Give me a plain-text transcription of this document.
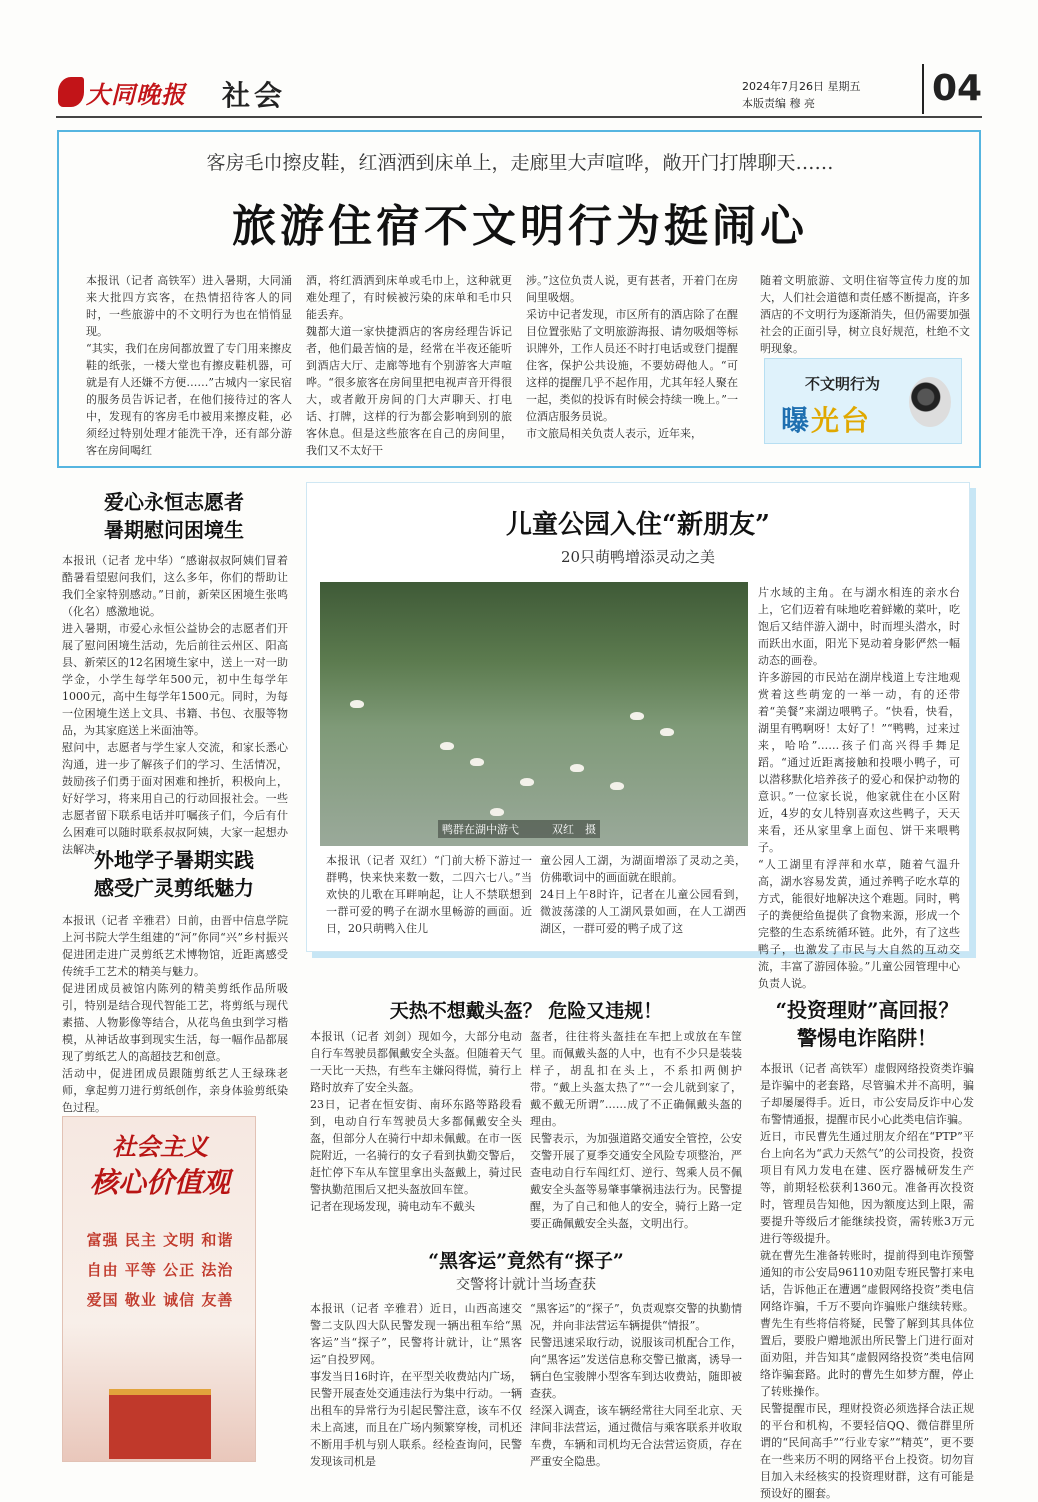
大同晚报 社会	2024年7月26日 星期五
本版责编 穆 亮	04
客房毛巾擦皮鞋，红酒洒到床单上，走廊里大声喧哗，敞开门打牌聊天……
旅游住宿不文明行为挺闹心
本报讯（记者 高铁军）进入暑期，大同涌来大批四方宾客，在热情招待客人的同时，一些旅游中的不文明行为也在悄悄显现。
“其实，我们在房间都放置了专门用来擦皮鞋的纸张，一楼大堂也有擦皮鞋机器，可就是有人还嫌不方便……”古城内一家民宿的服务员告诉记者，在他们接待过的客人中，发现有的客房毛巾被用来擦皮鞋，必须经过特别处理才能洗干净，还有部分游客在房间喝红
酒，将红酒洒到床单或毛巾上，这种就更难处理了，有时候被污染的床单和毛巾只能丢弃。
魏都大道一家快捷酒店的客房经理告诉记者，他们最苦恼的是，经常在半夜还能听到酒店大厅、走廊等地有个别游客大声喧哗。“很多旅客在房间里把电视声音开得很大，或者敞开房间的门大声聊天、打电话、打牌，这样的行为都会影响到别的旅客休息。但是这些旅客在自己的房间里，我们又不太好干
涉。”这位负责人说，更有甚者，开着门在房间里吸烟。
采访中记者发现，市区所有的酒店除了在醒目位置张贴了文明旅游海报、请勿吸烟等标识牌外，工作人员还不时打电话或登门提醒住客，保护公共设施，不要妨碍他人。“可这样的提醒几乎不起作用，尤其年轻人聚在一起，类似的投诉有时候会持续一晚上。”一位酒店服务员说。
市文旅局相关负责人表示，近年来，
随着文明旅游、文明住宿等宣传力度的加大，人们社会道德和责任感不断提高，许多酒店的不文明行为逐渐消失，但仍需要加强社会的正面引导，树立良好规范，杜绝不文明现象。
不文明行为
曝光台
爱心永恒志愿者
暑期慰问困境生
本报讯（记者 龙中华）“感谢叔叔阿姨们冒着酷暑看望慰问我们，这么多年，你们的帮助让我们全家特别感动。”日前，新荣区困境生张鸣（化名）感激地说。
进入暑期，市爱心永恒公益协会的志愿者们开展了慰问困境生活动，先后前往云州区、阳高县、新荣区的12名困境生家中，送上一对一助学金，小学生每学年500元，初中生每学年1000元，高中生每学年1500元。同时，为每一位困境生送上文具、书籍、书包、衣服等物品，为其家庭送上米面油等。
慰问中，志愿者与学生家人交流，和家长悉心沟通，进一步了解孩子们的学习、生活情况，鼓励孩子们勇于面对困难和挫折，积极向上，好好学习，将来用自己的行动回报社会。一些志愿者留下联系电话并叮嘱孩子们，今后有什么困难可以随时联系叔叔阿姨，大家一起想办法解决。
外地学子暑期实践
感受广灵剪纸魅力
本报讯（记者 辛雅君）日前，由晋中信息学院上河书院大学生组建的“河”你同“兴”乡村振兴促进团走进广灵剪纸艺术博物馆，近距离感受传统手工艺术的精美与魅力。
促进团成员被馆内陈列的精美剪纸作品所吸引，特别是结合现代智能工艺，将剪纸与现代素描、人物影像等结合，从花鸟鱼虫到学习楷模，从神话故事到现实生活，每一幅作品都展现了剪纸艺人的高超技艺和创意。
活动中，促进团成员跟随剪纸艺人王绿珠老师，拿起剪刀进行剪纸创作，亲身体验剪纸染色过程。
社会主义
核心价值观
富强 民主 文明 和谐
自由 平等 公正 法治
爱国 敬业 诚信 友善
儿童公园入住“新朋友”
20只萌鸭增添灵动之美
鸭群在湖中游弋　　　双红　摄
本报讯（记者 双红）“门前大桥下游过一群鸭，快来快来数一数，二四六七八。”当欢快的儿歌在耳畔响起，让人不禁联想到一群可爱的鸭子在湖水里畅游的画面。近日，20只萌鸭入住儿
童公园人工湖，为湖面增添了灵动之美，仿佛歌词中的画面就在眼前。
24日上午8时许，记者在儿童公园看到，微波荡漾的人工湖风景如画，在人工湖西湖区，一群可爱的鸭子成了这
片水域的主角。在与湖水相连的亲水台上，它们迈着有味地吃着鲜嫩的菜叶，吃饱后又结伴游入湖中，时而埋头潜水，时而跃出水面，阳光下晃动着身影俨然一幅动态的画卷。
许多游园的市民站在湖岸栈道上专注地观赏着这些萌宠的一举一动，有的还带着“美餐”来湖边喂鸭子。“快看，快看，湖里有鸭啊呀！太好了！”“鸭鸭，过来过来，哈哈”……孩子们高兴得手舞足蹈。“通过近距离接触和投喂小鸭子，可以潜移默化培养孩子的爱心和保护动物的意识。”一位家长说，他家就住在小区附近，4岁的女儿特别喜欢这些鸭子，天天来看，还从家里拿上面包、饼干来喂鸭子。
“人工湖里有浮萍和水草，随着气温升高，湖水容易发黄，通过养鸭子吃水草的方式，能很好地解决这个难题。同时，鸭子的粪便给鱼提供了食物来源，形成一个完整的生态系统循环链。此外，有了这些鸭子，也激发了市民与大自然的互动交流，丰富了游园体验。”儿童公园管理中心负责人说。
天热不想戴头盔？ 危险又违规！
本报讯（记者 刘剑）现如今，大部分电动自行车驾驶员都佩戴安全头盔。但随着天气一天比一天热，有些车主嫌闷得慌，骑行上路时放弃了安全头盔。
23日，记者在恒安街、南环东路等路段看到，电动自行车驾驶员大多都佩戴安全头盔，但部分人在骑行中却未佩戴。在市一医院附近，一名骑行的女子看到执勤交警后，赶忙停下车从车筐里拿出头盔戴上，骑过民警执勤范围后又把头盔放回车筐。
记者在现场发现，骑电动车不戴头
盔者，往往将头盔挂在车把上或放在车筐里。而佩戴头盔的人中，也有不少只是装装样子，胡乱扣在头上，不系扣两侧护带。“戴上头盔太热了”“一会儿就到家了，戴不戴无所谓”……成了不正确佩戴头盔的理由。
民警表示，为加强道路交通安全管控，公安交警开展了夏季交通安全风险专项整治，严查电动自行车闯红灯、逆行、驾乘人员不佩戴安全头盔等易肇事肇祸违法行为。民警提醒，为了自己和他人的安全，骑行上路一定要正确佩戴安全头盔，文明出行。
“黑客运”竟然有“探子”
交警将计就计当场查获
本报讯（记者 辛雅君）近日，山西高速交警二支队四大队民警发现一辆出租车给“黑客运”当“探子”，民警将计就计，让“黑客运”自投罗网。
事发当日16时许，在平型关收费站内广场，民警开展查处交通违法行为集中行动。一辆出租车的异常行为引起民警注意，该车不仅未上高速，而且在广场内频繁穿梭，司机还不断用手机与别人联系。经检查询问，民警发现该司机是
“黑客运”的“探子”，负责观察交警的执勤情况，并向非法营运车辆提供“情报”。
民警迅速采取行动，说服该司机配合工作，向“黑客运”发送信息称交警已撤离，诱导一辆白色宝骏牌小型客车到达收费站，随即被查获。
经深入调查，该车辆经常往大同至北京、天津间非法营运，通过微信与乘客联系并收取车费，车辆和司机均无合法营运资质，存在严重安全隐患。
“投资理财”高回报？
警惕电诈陷阱！
本报讯（记者 高铁军）虚假网络投资类诈骗是诈骗中的老套路，尽管骗术并不高明，骗子却屡屡得手。近日，市公安局反诈中心发布警情通报，提醒市民小心此类电信诈骗。
近日，市民曹先生通过朋友介绍在“PTP”平台上向名为“武力天然气”的公司投资，投资项目有风力发电在建、医疗器械研发生产等，前期轻松获利1360元。准备再次投资时，管理员告知他，因为额度达到上限，需要提升等级后才能继续投资，需转账3万元进行等级提升。
就在曹先生准备转账时，提前得到电诈预警通知的市公安局96110劝阻专班民警打来电话，告诉他正在遭遇“虚假网络投资”类电信网络诈骗，千万不要向诈骗账户继续转账。曹先生有些将信将疑，民警了解到其具体位置后，要股户赠地派出所民警上门进行面对面劝阻，并告知其“虚假网络投资”类电信网络诈骗套路。此时的曹先生如梦方醒，停止了转账操作。
民警提醒市民，理财投资必须选择合法正规的平台和机构，不要轻信QQ、微信群里所谓的“民间高手”“行业专家”“精英”，更不要在一些来历不明的网络平台上投资。切勿盲目加入未经核实的投资理财群，这有可能是预设好的圈套。
